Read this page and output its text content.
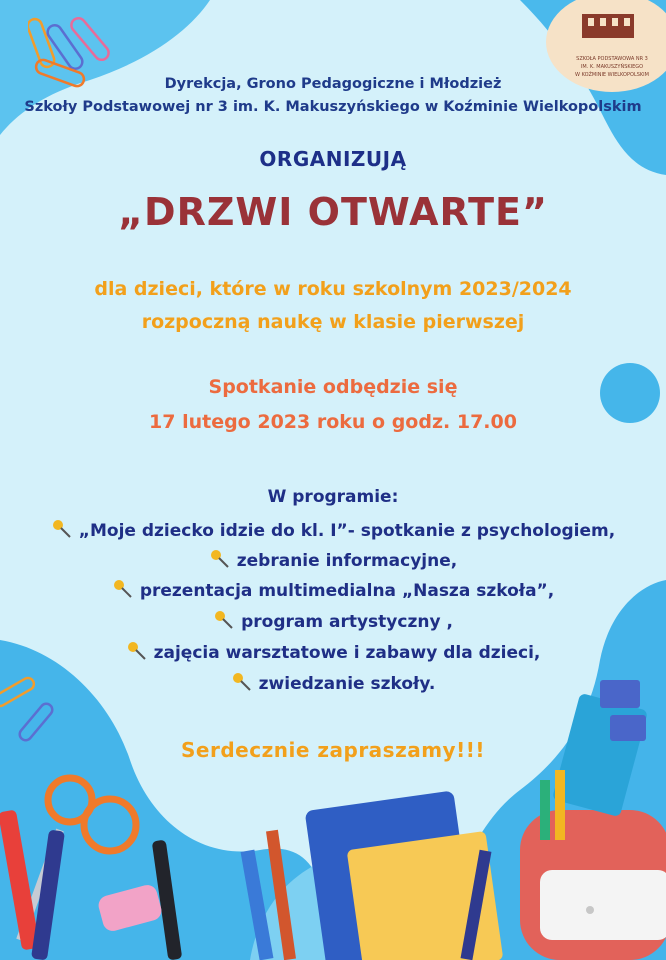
SZKOŁA PODSTAWOWA NR 3
IM. K. MAKUSZYŃSKIEGO
W KOŹMINIE WIELKOPOLSKIM
Dyrekcja, Grono Pedagogiczne i Młodzież
Szkoły Podstawowej nr 3 im. K. Makuszyńskiego w Koźminie Wielkopolskim
ORGANIZUJĄ
„DRZWI OTWARTE”
dla dzieci, które w roku szkolnym 2023/2024
rozpoczną naukę w klasie pierwszej
Spotkanie odbędzie się
17 lutego 2023 roku o godz. 17.00
W programie:
„Moje dziecko idzie do kl. I”- spotkanie z psychologiem,
zebranie informacyjne,
prezentacja multimedialna „Nasza szkoła”,
program artystyczny ,
zajęcia warsztatowe i zabawy dla dzieci,
zwiedzanie szkoły.
Serdecznie zapraszamy!!!
